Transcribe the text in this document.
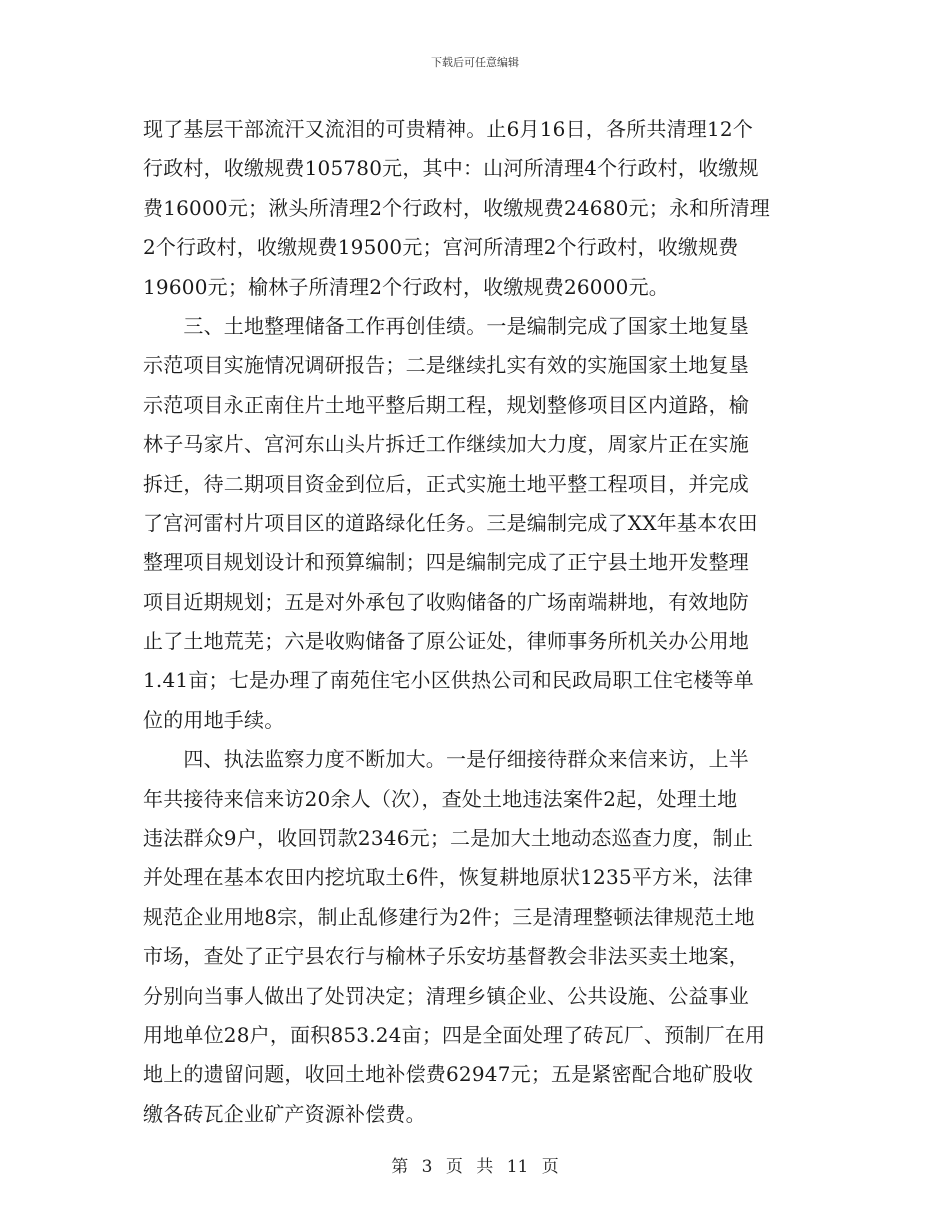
下载后可任意编辑
现了基层干部流汗又流泪的可贵精神。止6月16日，各所共清理12个
行政村，收缴规费105780元，其中：山河所清理4个行政村，收缴规
费16000元；湫头所清理2个行政村，收缴规费24680元；永和所清理
2个行政村，收缴规费19500元；宫河所清理2个行政村，收缴规费
19600元；榆林子所清理2个行政村，收缴规费26000元。
　　三、土地整理储备工作再创佳绩。一是编制完成了国家土地复垦
示范项目实施情况调研报告；二是继续扎实有效的实施国家土地复垦
示范项目永正南住片土地平整后期工程，规划整修项目区内道路，榆
林子马家片、宫河东山头片拆迁工作继续加大力度，周家片正在实施
拆迁，待二期项目资金到位后，正式实施土地平整工程项目，并完成
了宫河雷村片项目区的道路绿化任务。三是编制完成了XX年基本农田
整理项目规划设计和预算编制；四是编制完成了正宁县土地开发整理
项目近期规划；五是对外承包了收购储备的广场南端耕地，有效地防
止了土地荒芜；六是收购储备了原公证处，律师事务所机关办公用地
1.41亩；七是办理了南苑住宅小区供热公司和民政局职工住宅楼等单
位的用地手续。
　　四、执法监察力度不断加大。一是仔细接待群众来信来访，上半
年共接待来信来访20余人（次），查处土地违法案件2起，处理土地
违法群众9户，收回罚款2346元；二是加大土地动态巡查力度，制止
并处理在基本农田内挖坑取土6件，恢复耕地原状1235平方米，法律
规范企业用地8宗，制止乱修建行为2件；三是清理整顿法律规范土地
市场，查处了正宁县农行与榆林子乐安坊基督教会非法买卖土地案，
分别向当事人做出了处罚决定；清理乡镇企业、公共设施、公益事业
用地单位28户，面积853.24亩；四是全面处理了砖瓦厂、预制厂在用
地上的遗留问题，收回土地补偿费62947元；五是紧密配合地矿股收
缴各砖瓦企业矿产资源补偿费。
第 3 页 共 11 页
